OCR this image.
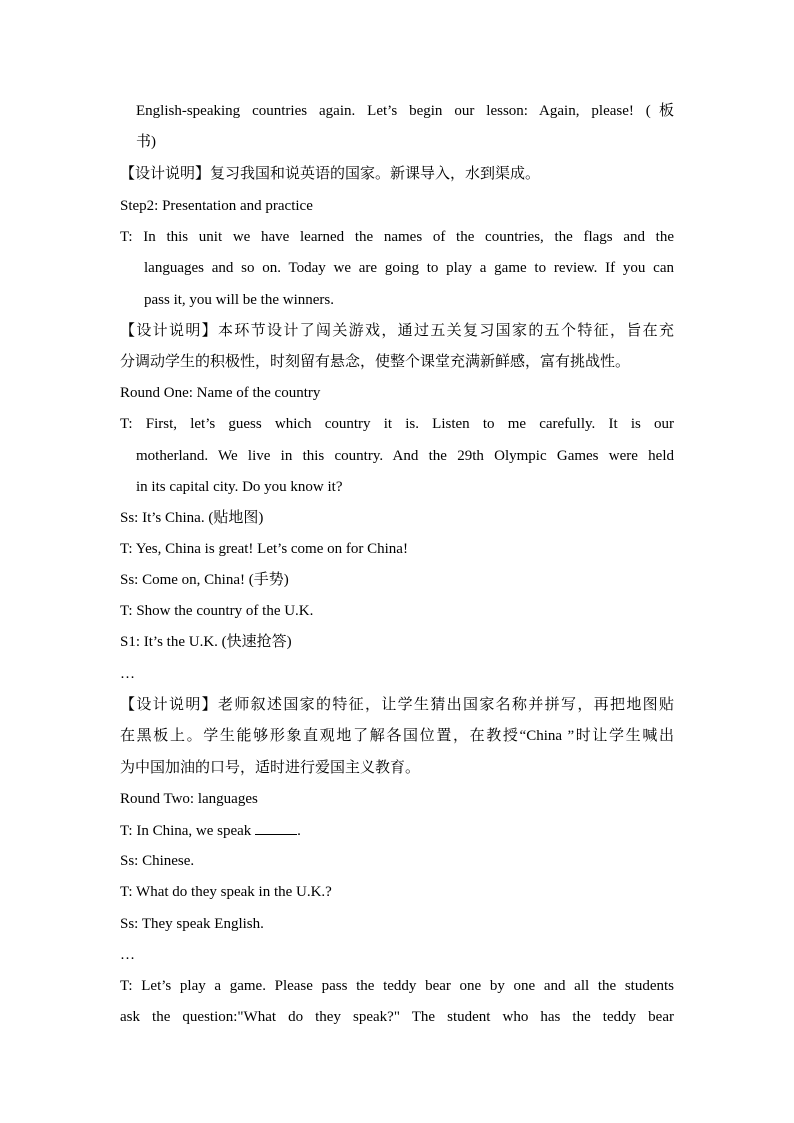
English-speaking countries again. Let’s begin our lesson: Again, please! (板
书)
【设计说明】复习我国和说英语的国家。新课导入，水到渠成。
Step2: Presentation and practice
T: In this unit we have learned the names of the countries, the flags and the
languages and so on. Today we are going to play a game to review. If you can
pass it, you will be the winners.
【设计说明】本环节设计了闯关游戏，通过五关复习国家的五个特征，旨在充
分调动学生的积极性，时刻留有悬念，使整个课堂充满新鲜感，富有挑战性。
Round One: Name of the country
T: First, let’s guess which country it is. Listen to me carefully. It is our
motherland. We live in this country. And the 29th Olympic Games were held
in its capital city. Do you know it?
Ss: It’s China. (贴地图)
T: Yes, China is great! Let’s come on for China!
Ss: Come on, China! (手势)
T: Show the country of the U.K.
S1: It’s the U.K. (快速抢答)
…
【设计说明】老师叙述国家的特征，让学生猜出国家名称并拼写，再把地图贴
在黑板上。学生能够形象直观地了解各国位置，在教授“China ”时让学生喊出
为中国加油的口号，适时进行爱国主义教育。
Round Two: languages
T: In China, we speak	.
Ss: Chinese.
T: What do they speak in the U.K.?
Ss: They speak English.
…
T: Let’s play a game. Please pass the teddy bear one by one and all the students
ask the question:"What do they speak?" The student who has the teddy bear
